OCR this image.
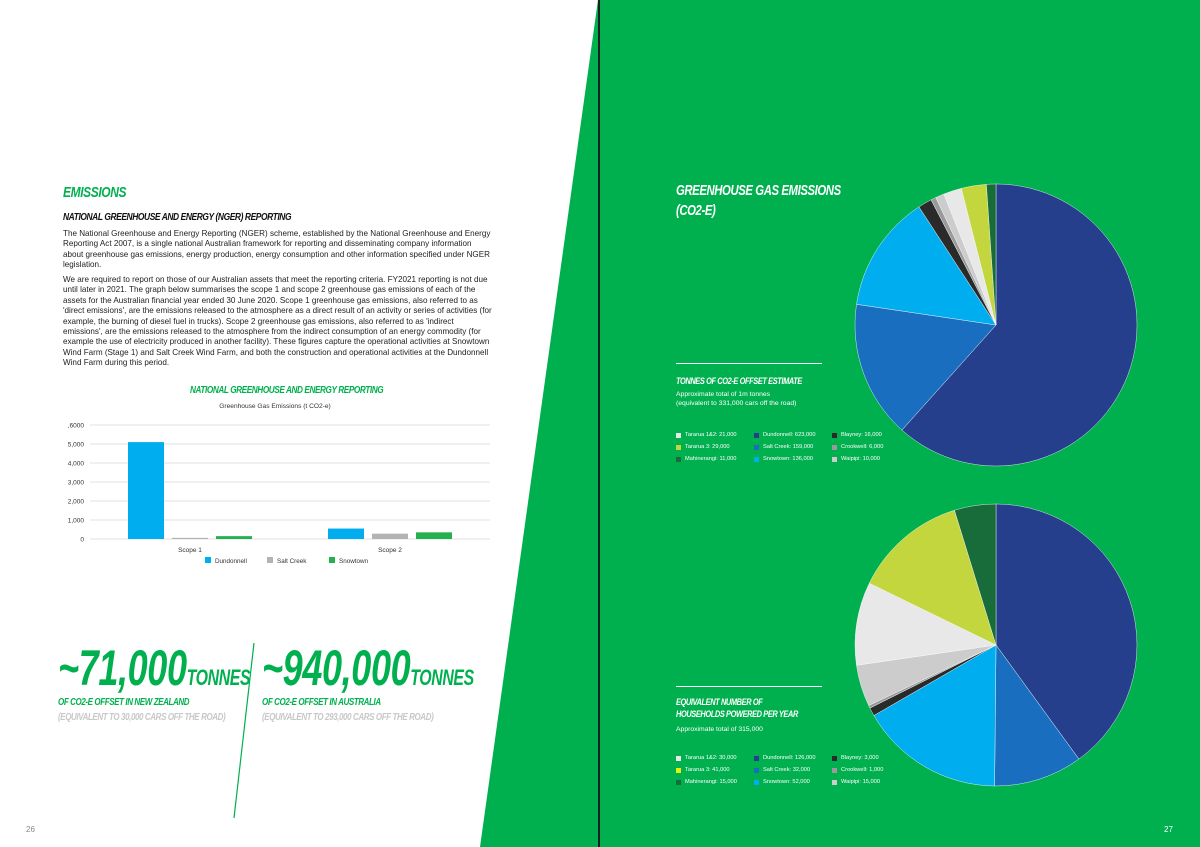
EMISSIONS
NATIONAL GREENHOUSE AND ENERGY (NGER) REPORTING
The National Greenhouse and Energy Reporting (NGER) scheme, established by the National Greenhouse and Energy Reporting Act 2007, is a single national Australian framework for reporting and disseminating company information about greenhouse gas emissions, energy production, energy consumption and other information specified under NGER legislation.
We are required to report on those of our Australian assets that meet the reporting criteria. FY2021 reporting is not due until later in 2021. The graph below summarises the scope 1 and scope 2 greenhouse gas emissions of each of the assets for the Australian financial year ended 30 June 2020. Scope 1 greenhouse gas emissions, also referred to as 'direct emissions', are the emissions released to the atmosphere as a direct result of an activity or series of activities (for example, the burning of diesel fuel in trucks). Scope 2 greenhouse gas emissions, also referred to as 'indirect emissions', are the emissions released to the atmosphere from the indirect consumption of an energy commodity (for example the use of electricity produced in another facility). These figures capture the operational activities at Snowtown Wind Farm (Stage 1) and Salt Creek Wind Farm, and both the construction and operational activities at the Dundonnell Wind Farm during this period.
NATIONAL GREENHOUSE AND ENERGY REPORTING
Greenhouse Gas Emissions (t CO2-e)
0
1,000
2,000
3,000
4,000
5,000
,6000
Scope 1	Scope 2
Dundonnell	Salt Creek	Snowtown
~71,000TONNES
OF CO2-E OFFSET IN NEW ZEALAND
(EQUIVALENT TO 30,000 CARS OFF THE ROAD)
~940,000TONNES
OF CO2-E OFFSET IN AUSTRALIA
(EQUIVALENT TO 293,000 CARS OFF THE ROAD)
26
GREENHOUSE GAS EMISSIONS
(CO2-E)
TONNES OF CO2-E OFFSET ESTIMATE
Approximate total of 1m tonnes
(equivalent to 331,000 cars off the road)
Tararua 1&2: 21,000	Dundonnell: 623,000	Blayney: 16,000
Tararua 3: 29,000	Salt Creek: 159,000	Crookwell: 6,000
Mahinerangi: 11,000	Snowtown: 136,000	Waipipi: 10,000
EQUIVALENT NUMBER OF
HOUSEHOLDS POWERED PER YEAR
Approximate total of 315,000
Tararua 1&2: 30,000	Dundonnell: 126,000	Blayney: 3,000
Tararua 3: 41,000	Salt Creek: 32,000	Crookwell: 1,000
Mahinerangi: 15,000	Snowtown: 52,000	Waipipi: 15,000
27
